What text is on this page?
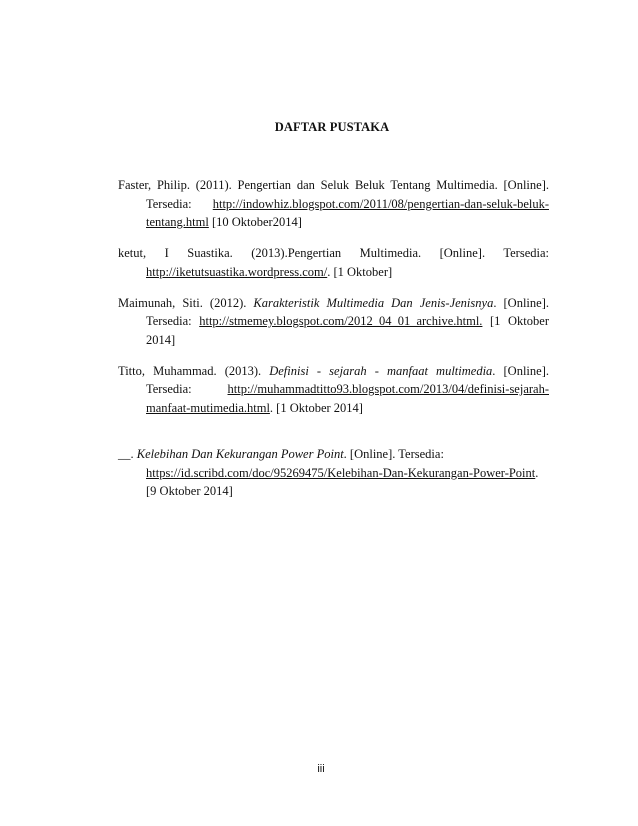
DAFTAR PUSTAKA

Faster, Philip. (2011). Pengertian dan Seluk Beluk Tentang Multimedia. [Online]. Tersedia: http://indowhiz.blogspot.com/2011/08/pengertian-dan-seluk-beluk-tentang.html [10 Oktober2014]

ketut, I Suastika. (2013).Pengertian Multimedia. [Online]. Tersedia: http://iketutsuastika.wordpress.com/. [1 Oktober]

Maimunah, Siti. (2012). Karakteristik Multimedia Dan Jenis-Jenisnya. [Online]. Tersedia: http://stmemey.blogspot.com/2012_04_01_archive.html. [1 Oktober 2014]

Titto, Muhammad. (2013). Definisi - sejarah - manfaat multimedia. [Online]. Tersedia: http://muhammadtitto93.blogspot.com/2013/04/definisi-sejarah-manfaat-mutimedia.html. [1 Oktober 2014]

__. Kelebihan Dan Kekurangan Power Point. [Online]. Tersedia: https://id.scribd.com/doc/95269475/Kelebihan-Dan-Kekurangan-Power-Point. [9 Oktober 2014]

iii
